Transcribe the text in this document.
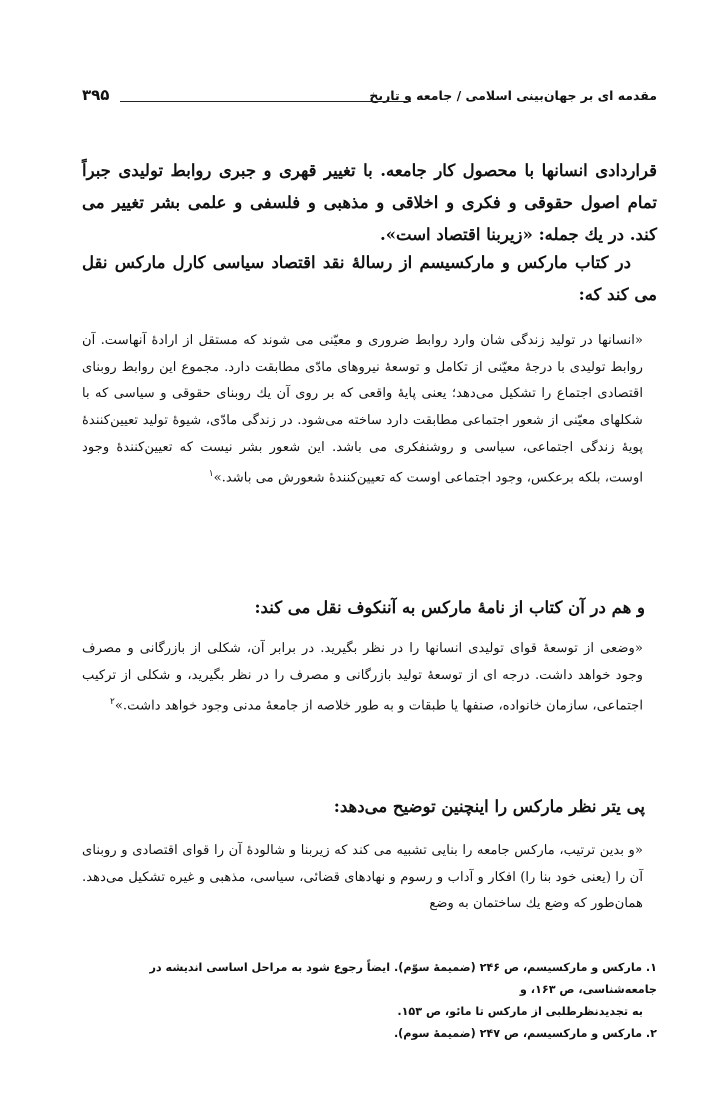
مقدمه ای بر جهان‌بینی اسلامی / جامعه و تاریخ
۳۹۵

قراردادی انسانها با محصول کار جامعه. با تغییر قهری و جبری روابط تولیدی جبراً تمام اصول حقوقی و فکری و اخلاقی و مذهبی و فلسفی و علمی بشر تغییر می کند. در یك جمله: «زیربنا اقتصاد است».

در کتاب مارکس و مارکسیسم از رسالهٔ نقد اقتصاد سیاسی کارل مارکس نقل می کند که:

«انسانها در تولید زندگی شان وارد روابط ضروری و معیّنی می شوند که مستقل از ارادهٔ آنهاست. آن روابط تولیدی با درجهٔ معیّنی از تکامل و توسعهٔ نیروهای مادّی مطابقت دارد. مجموع این روابط روبنای اقتصادی اجتماع را تشکیل می‌دهد؛ یعنی پایهٔ واقعی که بر روی آن یك روبنای حقوقی و سیاسی که با شکلهای معیّنی از شعور اجتماعی مطابقت دارد ساخته می‌شود. در زندگی مادّی، شیوهٔ تولید تعیین‌کنندهٔ پویهٔ زندگی اجتماعی، سیاسی و روشنفکری می باشد. این شعور بشر نیست که تعیین‌کنندهٔ وجود اوست، بلکه برعکس، وجود اجتماعی اوست که تعیین‌کنندهٔ شعورش می باشد.»$^۱$

و هم در آن کتاب از نامهٔ مارکس به آننکوف نقل می کند:

«وضعی از توسعهٔ قوای تولیدی انسانها را در نظر بگیرید. در برابر آن، شکلی از بازرگانی و مصرف وجود خواهد داشت. درجه ای از توسعهٔ تولید بازرگانی و مصرف را در نظر بگیرید، و شکلی از ترکیب اجتماعی، سازمان خانواده، صنفها یا طبقات و به طور خلاصه از جامعهٔ مدنی وجود خواهد داشت.»$^۲$

پی یتر نظر مارکس را اینچنین توضیح می‌دهد:

«و بدین ترتیب، مارکس جامعه را بنایی تشبیه می کند که زیربنا و شالودهٔ آن را قوای اقتصادی و روبنای آن را (یعنی خود بنا را) افکار و آداب و رسوم و نهادهای قضائی، سیاسی، مذهبی و غیره تشکیل می‌دهد. همان‌طور که وضع یك ساختمان به وضع

۱. مارکس و مارکسیسم، ص ۲۴۶ (ضمیمهٔ سوّم). ایضاً رجوع شود به مراحل اساسی اندیشه در جامعه‌شناسی، ص ۱۶۳، و
به تجدیدنظرطلبی از مارکس تا مائو، ص ۱۵۳.
۲. مارکس و مارکسیسم، ص ۲۴۷ (ضمیمهٔ سوم).
